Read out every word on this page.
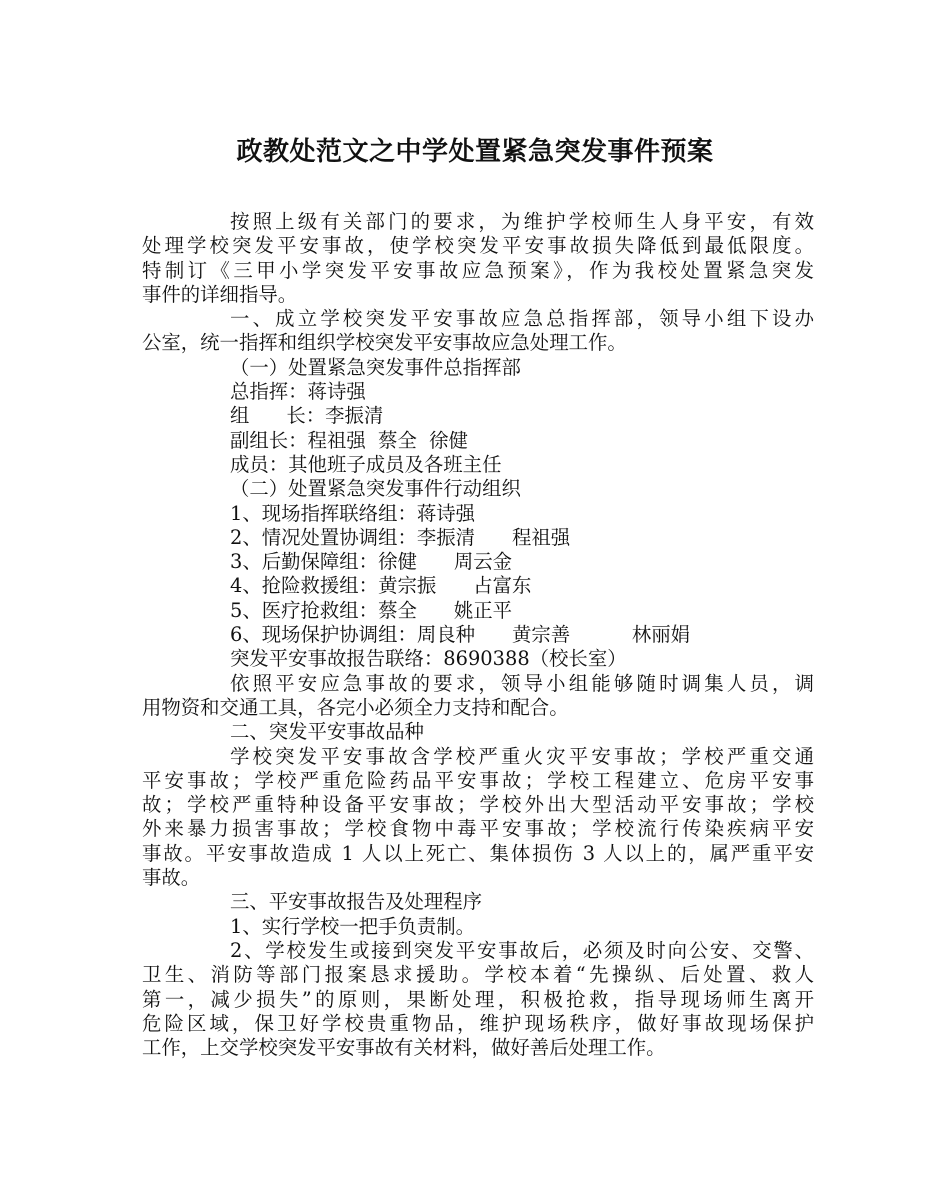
政教处范文之中学处置紧急突发事件预案
按照上级有关部门的要求，为维护学校师生人身平安，有效
处理学校突发平安事故，使学校突发平安事故损失降低到最低限度。
特制订《三甲小学突发平安事故应急预案》，作为我校处置紧急突发
事件的详细指导。
一、成立学校突发平安事故应急总指挥部，领导小组下设办
公室，统一指挥和组织学校突发平安事故应急处理工作。
（一）处置紧急突发事件总指挥部
总指挥：蒋诗强
组      长：李振清
副组长：程祖强  蔡全  徐健
成员：其他班子成员及各班主任
（二）处置紧急突发事件行动组织
1、现场指挥联络组：蒋诗强
2、情况处置协调组：李振清      程祖强
3、后勤保障组：徐健      周云金
4、抢险救援组：黄宗振      占富东
5、医疗抢救组：蔡全      姚正平
6、现场保护协调组：周良种      黄宗善          林丽娟
突发平安事故报告联络：8690388（校长室）
依照平安应急事故的要求，领导小组能够随时调集人员，调
用物资和交通工具，各完小必须全力支持和配合。
二、突发平安事故品种
学校突发平安事故含学校严重火灾平安事故；学校严重交通
平安事故；学校严重危险药品平安事故；学校工程建立、危房平安事
故；学校严重特种设备平安事故；学校外出大型活动平安事故；学校
外来暴力损害事故；学校食物中毒平安事故；学校流行传染疾病平安
事故。平安事故造成 1 人以上死亡、集体损伤 3 人以上的，属严重平安
事故。
三、平安事故报告及处理程序
1、实行学校一把手负责制。
2、学校发生或接到突发平安事故后，必须及时向公安、交警、
卫生、消防等部门报案恳求援助。学校本着“先操纵、后处置、救人
第一，减少损失”的原则，果断处理，积极抢救，指导现场师生离开
危险区域，保卫好学校贵重物品，维护现场秩序，做好事故现场保护
工作，上交学校突发平安事故有关材料，做好善后处理工作。
